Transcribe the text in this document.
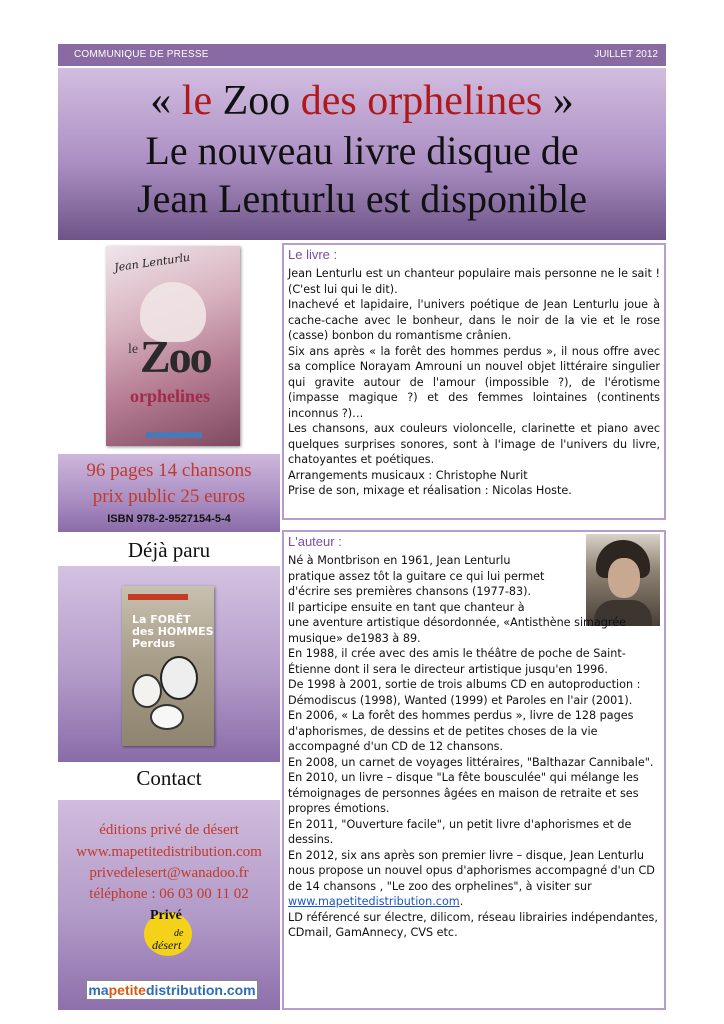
COMMUNIQUE DE PRESSE	JUILLET 2012
« le Zoo des orphelines »
Le nouveau livre disque de
Jean Lenturlu est disponible
Jean Lenturlu
Zoo
le
orphelines
96 pages 14 chansons
prix public 25 euros
ISBN 978-2-9527154-5-4
Déjà paru
La FORÊT
des HOMMES
Perdus
Contact
éditions privé de désert
www.mapetitedistribution.com
privedelesert@wanadoo.fr
téléphone : 06 03 00 11 02
Privé
de
désert
mapetitedistribution.com
Le livre :

Jean Lenturlu est un chanteur populaire mais personne ne le sait ! (C'est lui qui le dit).

Inachevé et lapidaire, l'univers poétique de Jean Lenturlu joue à cache-cache avec le bonheur, dans le noir de la vie et le rose (casse) bonbon du romantisme crânien.

Six ans après « la forêt des hommes perdus », il nous offre avec sa complice Norayam Amrouni un nouvel objet littéraire singulier qui gravite autour de l'amour (impossible ?), de l'érotisme (impasse magique ?) et des femmes lointaines (continents inconnus ?)…

Les chansons, aux couleurs violoncelle, clarinette et piano avec quelques surprises sonores, sont à l'image de l'univers du livre, chatoyantes et poétiques.

Arrangements musicaux : Christophe Nurit

Prise de son, mixage et réalisation : Nicolas Hoste.

L'auteur :

Né à Montbrison en 1961, Jean Lenturlu

pratique assez tôt la guitare ce qui lui permet

d'écrire ses premières chansons (1977-83).

Il participe ensuite en tant que chanteur à

une aventure artistique désordonnée, «Antisthène simagrée musique» de1983 à 89.

En 1988, il crée avec des amis le théâtre de poche de Saint-Étienne dont il sera le directeur artistique jusqu'en 1996.

De 1998 à 2001, sortie de trois albums CD en autoproduction : Démodiscus (1998), Wanted (1999) et Paroles en l'air (2001).

En 2006, « La forêt des hommes perdus », livre de 128 pages d'aphorismes, de dessins et de petites choses de la vie accompagné d'un CD de 12 chansons.

En 2008, un carnet de voyages littéraires, "Balthazar Cannibale".

En 2010, un livre – disque "La fête bousculée" qui mélange les témoignages de personnes âgées en maison de retraite et ses propres émotions.

En 2011, "Ouverture facile", un petit livre d'aphorismes et de dessins.

En 2012, six ans après son premier livre – disque, Jean Lenturlu nous propose un nouvel opus d'aphorismes accompagné d'un CD de 14 chansons , "Le zoo des orphelines", à visiter sur www.mapetitedistribution.com.

LD référencé sur électre, dilicom, réseau librairies indépendantes, CDmail, GamAnnecy, CVS etc.
